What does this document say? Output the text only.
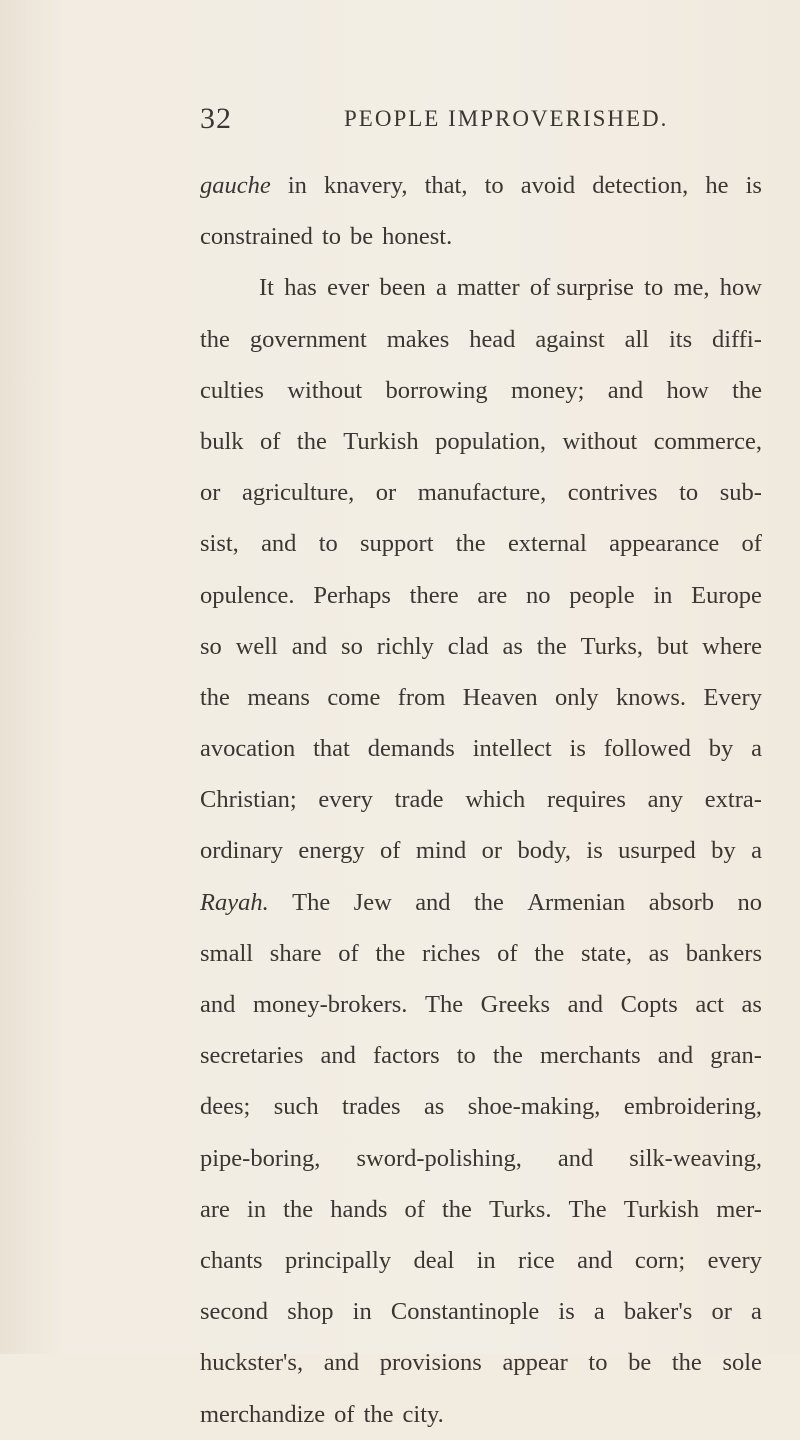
32	PEOPLE IMPROVERISHED.
gauche in knavery, that, to avoid detection, he is
constrained to be honest.
It has ever been a matter of surprise to me, how
the government makes head against all its diffi-
culties without borrowing money; and how the
bulk of the Turkish population, without commerce,
or agriculture, or manufacture, contrives to sub-
sist, and to support the external appearance of
opulence. Perhaps there are no people in Europe
so well and so richly clad as the Turks, but where
the means come from Heaven only knows. Every
avocation that demands intellect is followed by a
Christian; every trade which requires any extra-
ordinary energy of mind or body, is usurped by a
Rayah. The Jew and the Armenian absorb no
small share of the riches of the state, as bankers
and money-brokers. The Greeks and Copts act as
secretaries and factors to the merchants and gran-
dees; such trades as shoe-making, embroidering,
pipe-boring, sword-polishing, and silk-weaving,
are in the hands of the Turks. The Turkish mer-
chants principally deal in rice and corn; every
second shop in Constantinople is a baker's or a
huckster's, and provisions appear to be the sole
merchandize of the city.
